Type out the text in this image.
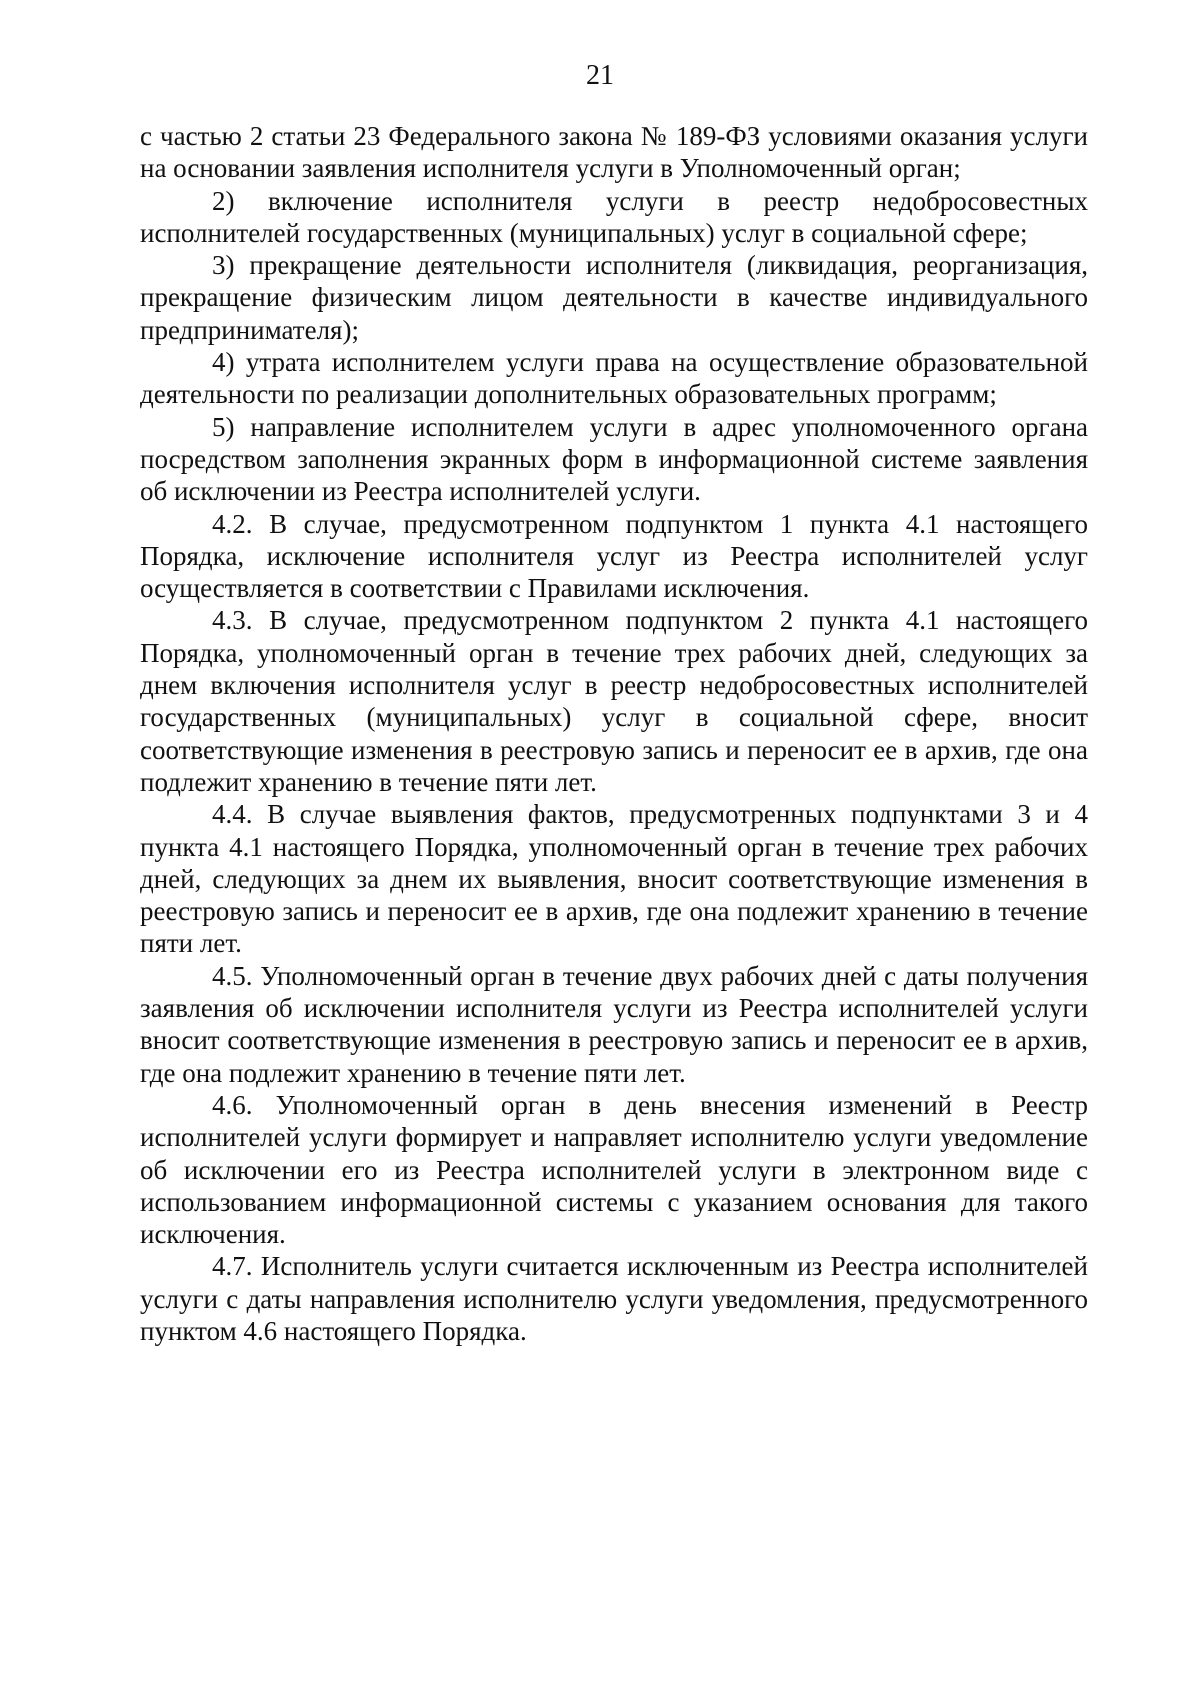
21

с частью 2 статьи 23 Федерального закона № 189-ФЗ условиями оказания услуги на основании заявления исполнителя услуги в Уполномоченный орган;

2) включение исполнителя услуги в реестр недобросовестных исполнителей государственных (муниципальных) услуг в социальной сфере;

3) прекращение деятельности исполнителя (ликвидация, реорганизация, прекращение физическим лицом деятельности в качестве индивидуального предпринимателя);

4) утрата исполнителем услуги права на осуществление образовательной деятельности по реализации дополнительных образовательных программ;

5) направление исполнителем услуги в адрес уполномоченного органа посредством заполнения экранных форм в информационной системе заявления об исключении из Реестра исполнителей услуги.

4.2. В случае, предусмотренном подпунктом 1 пункта 4.1 настоящего Порядка, исключение исполнителя услуг из Реестра исполнителей услуг осуществляется в соответствии с Правилами исключения.

4.3. В случае, предусмотренном подпунктом 2 пункта 4.1 настоящего Порядка, уполномоченный орган в течение трех рабочих дней, следующих за днем включения исполнителя услуг в реестр недобросовестных исполнителей государственных (муниципальных) услуг в социальной сфере, вносит соответствующие изменения в реестровую запись и переносит ее в архив, где она подлежит хранению в течение пяти лет.

4.4. В случае выявления фактов, предусмотренных подпунктами 3 и 4 пункта 4.1 настоящего Порядка, уполномоченный орган в течение трех рабочих дней, следующих за днем их выявления, вносит соответствующие изменения в реестровую запись и переносит ее в архив, где она подлежит хранению в течение пяти лет.

4.5. Уполномоченный орган в течение двух рабочих дней с даты получения заявления об исключении исполнителя услуги из Реестра исполнителей услуги вносит соответствующие изменения в реестровую запись и переносит ее в архив, где она подлежит хранению в течение пяти лет.

4.6. Уполномоченный орган в день внесения изменений в Реестр исполнителей услуги формирует и направляет исполнителю услуги уведомление об исключении его из Реестра исполнителей услуги в электронном виде с использованием информационной системы с указанием основания для такого исключения.

4.7. Исполнитель услуги считается исключенным из Реестра исполнителей услуги с даты направления исполнителю услуги уведомления, предусмотренного пунктом 4.6 настоящего Порядка.
